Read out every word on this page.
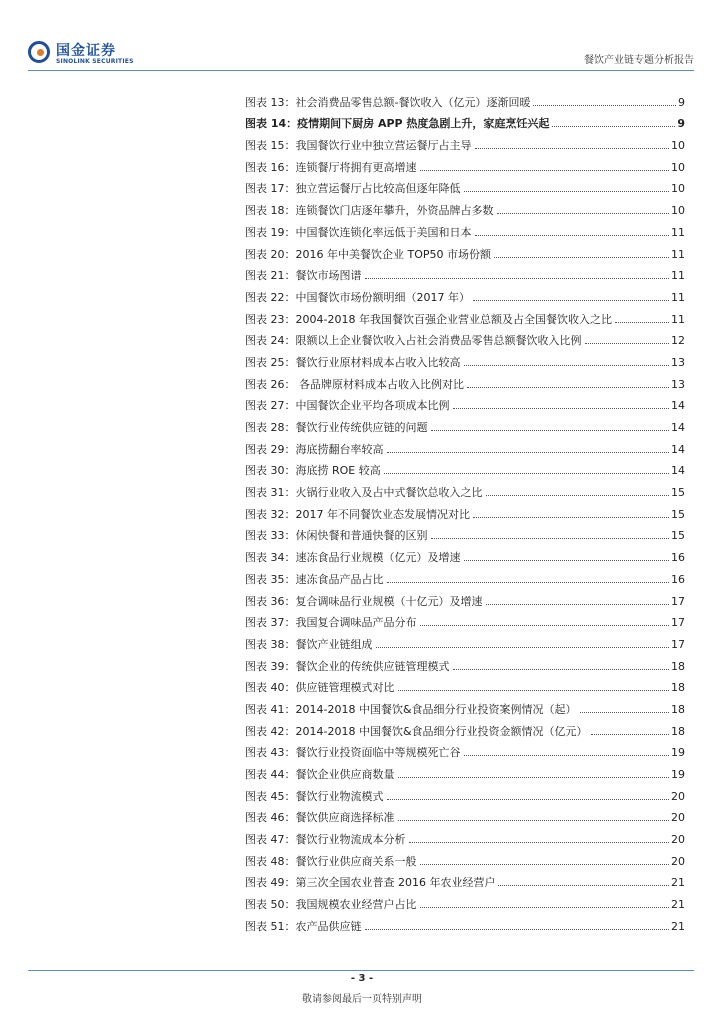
国金证券
SINOLINK SECURITIES	餐饮产业链专题分析报告
图表 13：社会消费品零售总额-餐饮收入（亿元）逐渐回暖	9
图表 14：疫情期间下厨房 APP 热度急剧上升，家庭烹饪兴起	9
图表 15：我国餐饮行业中独立营运餐厅占主导	10
图表 16：连锁餐厅将拥有更高增速	10
图表 17：独立营运餐厅占比较高但逐年降低	10
图表 18：连锁餐饮门店逐年攀升，外资品牌占多数	10
图表 19：中国餐饮连锁化率远低于美国和日本	11
图表 20：2016 年中美餐饮企业 TOP50 市场份额	11
图表 21：餐饮市场图谱	11
图表 22：中国餐饮市场份额明细（2017 年）	11
图表 23：2004-2018 年我国餐饮百强企业营业总额及占全国餐饮收入之比	11
图表 24：限额以上企业餐饮收入占社会消费品零售总额餐饮收入比例	12
图表 25：餐饮行业原材料成本占收入比较高	13
图表 26： 各品牌原材料成本占收入比例对比	13
图表 27：中国餐饮企业平均各项成本比例	14
图表 28：餐饮行业传统供应链的问题	14
图表 29：海底捞翻台率较高	14
图表 30：海底捞 ROE 较高	14
图表 31：火锅行业收入及占中式餐饮总收入之比	15
图表 32：2017 年不同餐饮业态发展情况对比	15
图表 33：休闲快餐和普通快餐的区别	15
图表 34：速冻食品行业规模（亿元）及增速	16
图表 35：速冻食品产品占比	16
图表 36：复合调味品行业规模（十亿元）及增速	17
图表 37：我国复合调味品产品分布	17
图表 38：餐饮产业链组成	17
图表 39：餐饮企业的传统供应链管理模式	18
图表 40：供应链管理模式对比	18
图表 41：2014-2018 中国餐饮&食品细分行业投资案例情况（起）	18
图表 42：2014-2018 中国餐饮&食品细分行业投资金额情况（亿元）	18
图表 43：餐饮行业投资面临中等规模死亡谷	19
图表 44：餐饮企业供应商数量	19
图表 45：餐饮行业物流模式	20
图表 46：餐饮供应商选择标准	20
图表 47：餐饮行业物流成本分析	20
图表 48：餐饮行业供应商关系一般	20
图表 49：第三次全国农业普查 2016 年农业经营户	21
图表 50：我国规模农业经营户占比	21
图表 51：农产品供应链	21
- 3 -
敬请参阅最后一页特别声明
